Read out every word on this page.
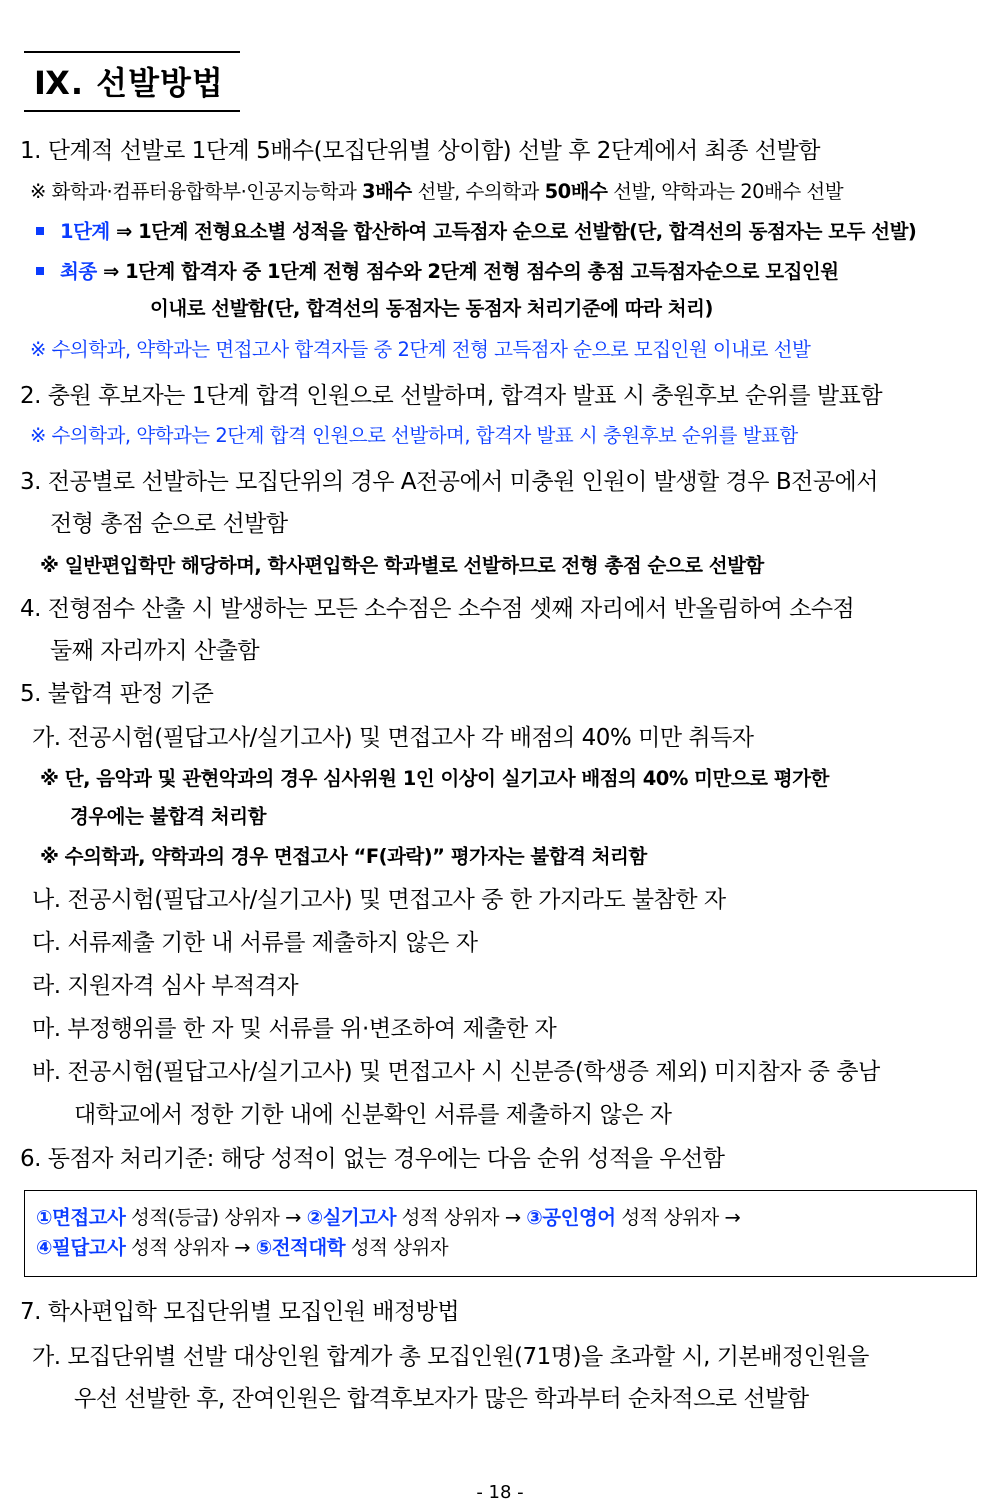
Ⅸ. 선발방법
1. 단계적 선발로 1단계 5배수(모집단위별 상이함) 선발 후 2단계에서 최종 선발함
※ 화학과·컴퓨터융합학부·인공지능학과 3배수 선발, 수의학과 50배수 선발, 약학과는 20배수 선발
1단계 ⇒ 1단계 전형요소별 성적을 합산하여 고득점자 순으로 선발함(단, 합격선의 동점자는 모두 선발)
최종 ⇒ 1단계 합격자 중 1단계 전형 점수와 2단계 전형 점수의 총점 고득점자순으로 모집인원
이내로 선발함(단, 합격선의 동점자는 동점자 처리기준에 따라 처리)
※ 수의학과, 약학과는 면접고사 합격자들 중 2단계 전형 고득점자 순으로 모집인원 이내로 선발
2. 충원 후보자는 1단계 합격 인원으로 선발하며, 합격자 발표 시 충원후보 순위를 발표함
※ 수의학과, 약학과는 2단계 합격 인원으로 선발하며, 합격자 발표 시 충원후보 순위를 발표함
3. 전공별로 선발하는 모집단위의 경우 A전공에서 미충원 인원이 발생할 경우 B전공에서
전형 총점 순으로 선발함
※ 일반편입학만 해당하며, 학사편입학은 학과별로 선발하므로 전형 총점 순으로 선발함
4. 전형점수 산출 시 발생하는 모든 소수점은 소수점 셋째 자리에서 반올림하여 소수점
둘째 자리까지 산출함
5. 불합격 판정 기준
가. 전공시험(필답고사/실기고사) 및 면접고사 각 배점의 40% 미만 취득자
※ 단, 음악과 및 관현악과의 경우 심사위원 1인 이상이 실기고사 배점의 40% 미만으로 평가한
경우에는 불합격 처리함
※ 수의학과, 약학과의 경우 면접고사 “F(과락)” 평가자는 불합격 처리함
나. 전공시험(필답고사/실기고사) 및 면접고사 중 한 가지라도 불참한 자
다. 서류제출 기한 내 서류를 제출하지 않은 자
라. 지원자격 심사 부적격자
마. 부정행위를 한 자 및 서류를 위·변조하여 제출한 자
바. 전공시험(필답고사/실기고사) 및 면접고사 시 신분증(학생증 제외) 미지참자 중 충남
대학교에서 정한 기한 내에 신분확인 서류를 제출하지 않은 자
6. 동점자 처리기준: 해당 성적이 없는 경우에는 다음 순위 성적을 우선함
①면접고사 성적(등급) 상위자 → ②실기고사 성적 상위자 → ③공인영어 성적 상위자 →
④필답고사 성적 상위자 → ⑤전적대학 성적 상위자
7. 학사편입학 모집단위별 모집인원 배정방법
가. 모집단위별 선발 대상인원 합계가 총 모집인원(71명)을 초과할 시, 기본배정인원을
우선 선발한 후, 잔여인원은 합격후보자가 많은 학과부터 순차적으로 선발함
- 18 -
